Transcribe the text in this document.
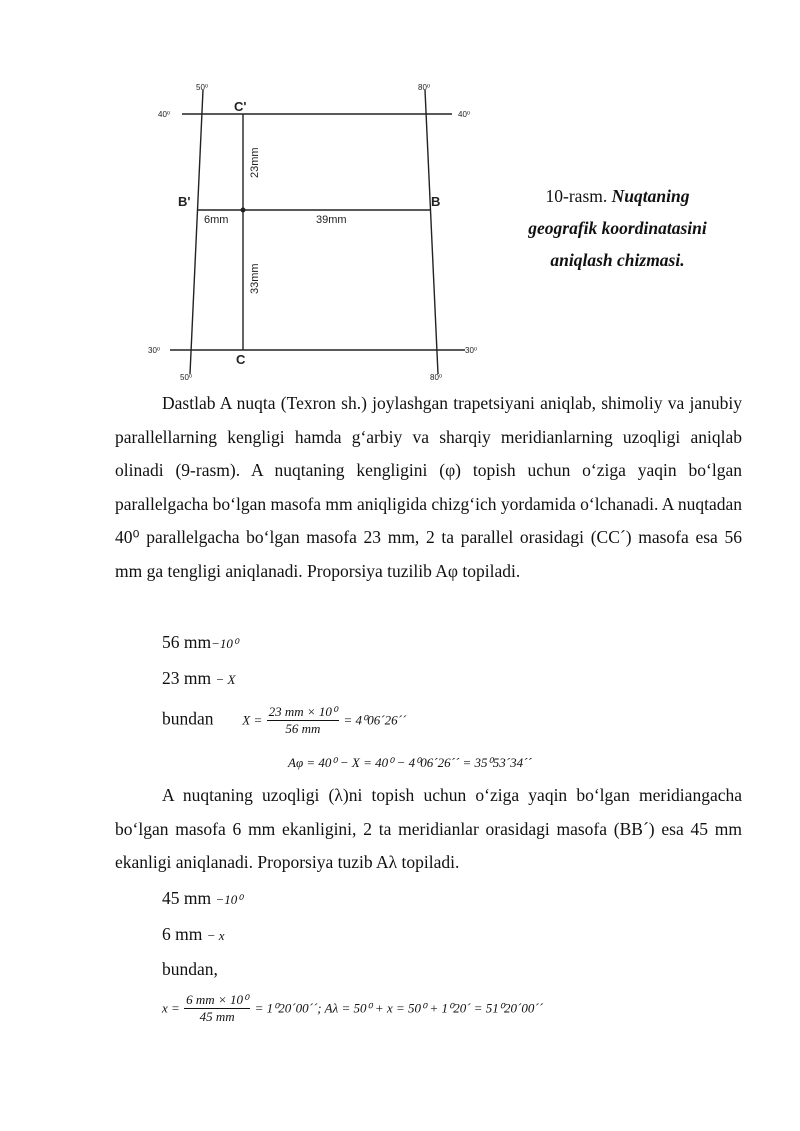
40⁰	40⁰
30⁰	30⁰
50⁰	80⁰
50⁰	80⁰
C'
C
B'	B
6mm	39mm
23mm
33mm
10-rasm. Nuqtaning
geografik koordinatasini
aniqlash chizmasi.
Dastlab A nuqta (Texron sh.) joylashgan trapetsiyani aniqlab, shimoliy va janubiy parallellarning kengligi hamda g‘arbiy va sharqiy meridianlarning uzoqligi aniqlab olinadi (9-rasm). A nuqtaning kengligini (φ) topish uchun o‘ziga yaqin bo‘lgan parallelgacha bo‘lgan masofa mm aniqligida chizg‘ich yordamida o‘lchanadi. A nuqtadan 40⁰ parallelgacha bo‘lgan masofa 23 mm, 2 ta parallel orasidagi (CC´) masofa esa 56 mm ga tengligi aniqlanadi. Proporsiya tuzilib Aφ topiladi.
56 mm−10⁰
23 mm − X
bundan $X = \frac{\text{23 mm × 10⁰}}{56 mm}$ = 4⁰06´26´´
Aφ = 40⁰ − X = 40⁰ − 4⁰06´26´´ = 35⁰53´34´´
A nuqtaning uzoqligi (λ)ni topish uchun o‘ziga yaqin bo‘lgan meridiangacha bo‘lgan masofa 6 mm ekanligini, 2 ta meridianlar orasidagi masofa (BB´) esa 45 mm ekanligi aniqlanadi. Proporsiya tuzib Aλ topiladi.
45 mm −10⁰
6 mm − x
bundan,
$x = \frac{\text{6 mm × 10⁰}}{45 mm}$ = 1⁰20´00´´; Aλ = 50⁰ + x = 50⁰ + 1⁰20´ = 51⁰20´00´´
